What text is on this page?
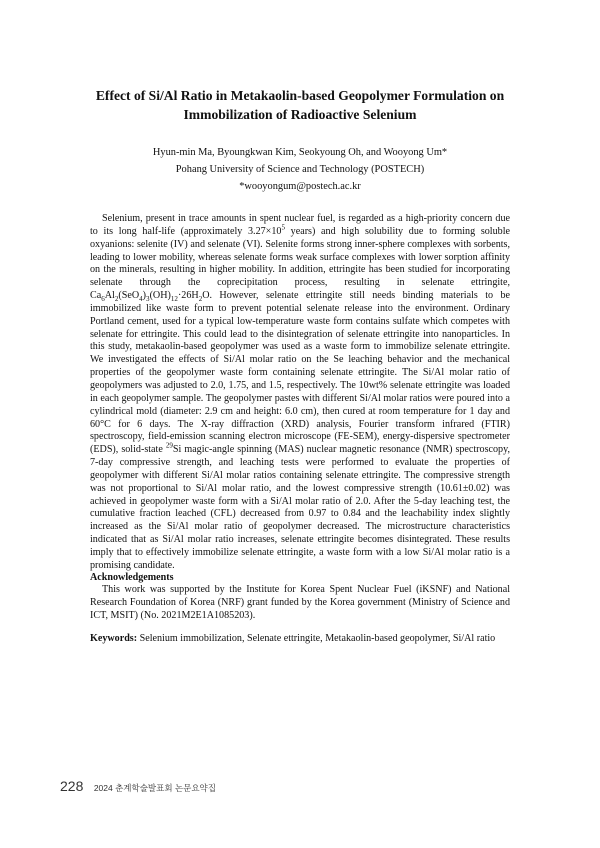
Effect of Si/Al Ratio in Metakaolin-based Geopolymer Formulation on
Immobilization of Radioactive Selenium
Hyun-min Ma, Byoungkwan Kim, Seokyoung Oh, and Wooyong Um*
Pohang University of Science and Technology (POSTECH)
*wooyongum@postech.ac.kr
Selenium, present in trace amounts in spent nuclear fuel, is regarded as a high-priority concern due to its long half-life (approximately $3.27\times 10^5$ years) and high solubility due to forming soluble oxyanions: selenite (IV) and selenate (VI). Selenite forms strong inner-sphere complexes with sorbents, leading to lower mobility, whereas selenate forms weak surface complexes with lower sorption affinity on the minerals, resulting in higher mobility. In addition, ettringite has been studied for incorporating selenate through the coprecipitation process, resulting in selenate ettringite, $Ca_6Al_2(SeO_4)_3(OH)_{12}\cdot 26H_2O$. However, selenate ettringite still needs binding materials to be immobilized like waste form to prevent potential selenate release into the environment. Ordinary Portland cement, used for a typical low-temperature waste form contains sulfate which competes with selenate for ettringite. This could lead to the disintegration of selenate ettringite into nanoparticles. In this study, metakaolin-based geopolymer was used as a waste form to immobilize selenate ettringite. We investigated the effects of Si/Al molar ratio on the Se leaching behavior and the mechanical properties of the geopolymer waste form containing selenate ettringite. The Si/Al molar ratio of geopolymers was adjusted to 2.0, 1.75, and 1.5, respectively. The 10wt% selenate ettringite was loaded in each geopolymer sample. The geopolymer pastes with different Si/Al molar ratios were poured into a cylindrical mold (diameter: 2.9 cm and height: 6.0 cm), then cured at room temperature for 1 day and 60°C for 6 days. The X-ray diffraction (XRD) analysis, Fourier transform infrared (FTIR) spectroscopy, field-emission scanning electron microscope (FE-SEM), energy-dispersive spectrometer (EDS), solid-state $^{29}$Si magic-angle spinning (MAS) nuclear magnetic resonance (NMR) spectroscopy, 7-day compressive strength, and leaching tests were performed to evaluate the properties of geopolymer with different Si/Al molar ratios containing selenate ettringite. The compressive strength was not proportional to Si/Al molar ratio, and the lowest compressive strength (10.61±0.02) was achieved in geopolymer waste form with a Si/Al molar ratio of 2.0. After the 5-day leaching test, the cumulative fraction leached (CFL) decreased from 0.97 to 0.84 and the leachability index slightly increased as the Si/Al molar ratio of geopolymer decreased. The microstructure characteristics indicated that as Si/Al molar ratio increases, selenate ettringite becomes disintegrated. These results imply that to effectively immobilize selenate ettringite, a waste form with a low Si/Al molar ratio is a promising candidate.
Acknowledgements
This work was supported by the Institute for Korea Spent Nuclear Fuel (iKSNF) and National Research Foundation of Korea (NRF) grant funded by the Korea government (Ministry of Science and ICT, MSIT) (No. 2021M2E1A1085203).
Keywords: Selenium immobilization, Selenate ettringite, Metakaolin-based geopolymer, Si/Al ratio
228 2024 춘계학술발표회 논문요약집
